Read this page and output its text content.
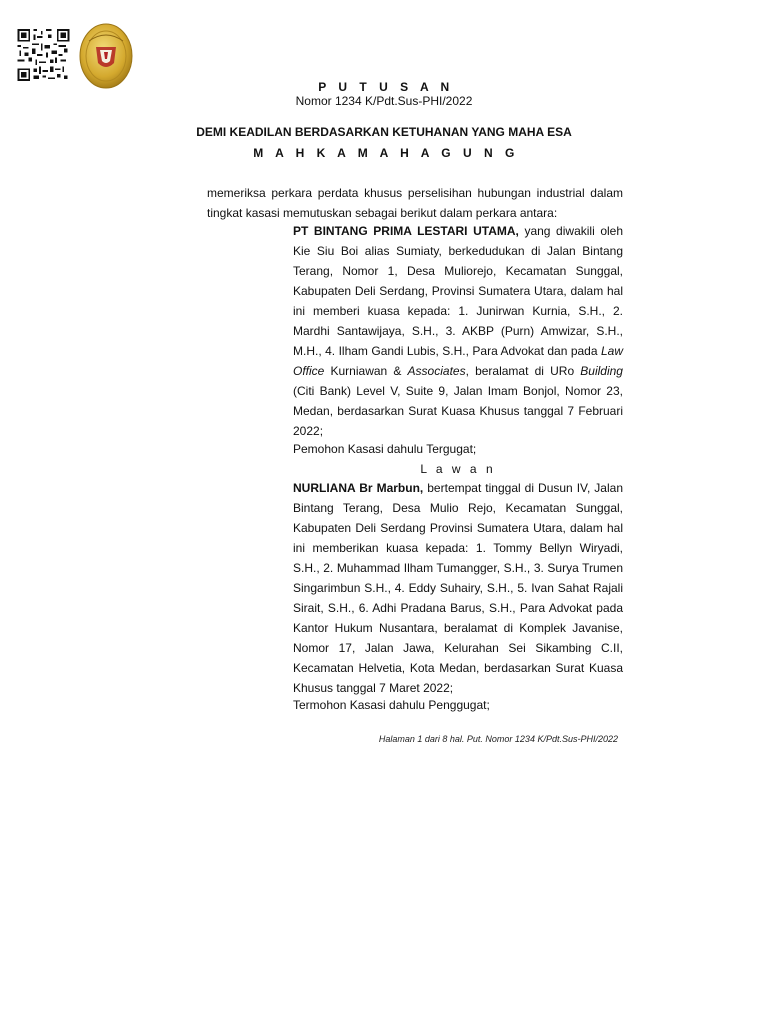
P U T U S A N
Nomor 1234 K/Pdt.Sus-PHI/2022
DEMI KEADILAN BERDASARKAN KETUHANAN YANG MAHA ESA
M A H K A M A H A G U N G
memeriksa perkara perdata khusus perselisihan hubungan industrial dalam
tingkat kasasi memutuskan sebagai berikut dalam perkara antara:

PT BINTANG PRIMA LESTARI UTAMA, yang diwakili oleh Kie Siu Boi alias Sumiaty, berkedudukan di Jalan Bintang Terang, Nomor 1, Desa Muliorejo, Kecamatan Sunggal, Kabupaten Deli Serdang, Provinsi Sumatera Utara, dalam hal ini memberi kuasa kepada: 1. Junirwan Kurnia, S.H., 2. Mardhi Santawijaya, S.H., 3. AKBP (Purn) Amwizar, S.H., M.H., 4. Ilham Gandi Lubis, S.H., Para Advokat dan pada Law Office Kurniawan & Associates, beralamat di URo Building (Citi Bank) Level V, Suite 9, Jalan Imam Bonjol, Nomor 23, Medan, berdasarkan Surat Kuasa Khusus tanggal 7 Februari 2022;

Pemohon Kasasi dahulu Tergugat;
L a w a n

NURLIANA Br Marbun, bertempat tinggal di Dusun IV, Jalan Bintang Terang, Desa Mulio Rejo, Kecamatan Sunggal, Kabupaten Deli Serdang Provinsi Sumatera Utara, dalam hal ini memberikan kuasa kepada: 1. Tommy Bellyn Wiryadi, S.H., 2. Muhammad Ilham Tumangger, S.H., 3. Surya Trumen Singarimbun S.H., 4. Eddy Suhairy, S.H., 5. Ivan Sahat Rajali Sirait, S.H., 6. Adhi Pradana Barus, S.H., Para Advokat pada Kantor Hukum Nusantara, beralamat di Komplek Javanise, Nomor 17, Jalan Jawa, Kelurahan Sei Sikambing C.II, Kecamatan Helvetia, Kota Medan, berdasarkan Surat Kuasa Khusus tanggal 7 Maret 2022;

Termohon Kasasi dahulu Penggugat;
Halaman 1 dari 8 hal. Put. Nomor 1234 K/Pdt.Sus-PHI/2022
